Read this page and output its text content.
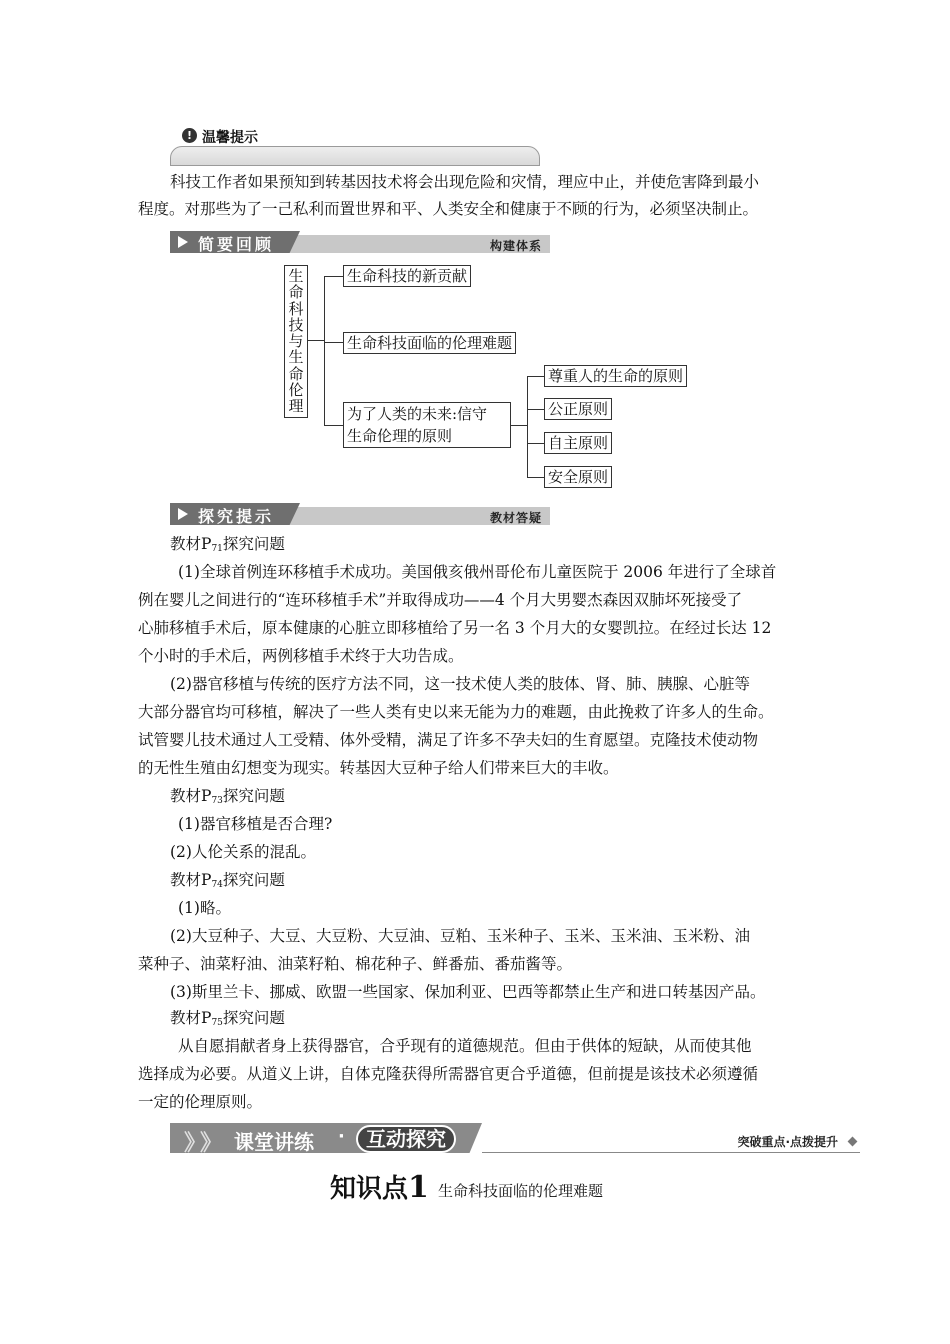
! 温馨提示
科技工作者如果预知到转基因技术将会出现危险和灾情，理应中止，并使危害降到最小
程度。对那些为了一己私利而置世界和平、人类安全和健康于不顾的行为，必须坚决制止。
简要回顾	构建体系
生
命
科
技
与
生
命
伦
理
生命科技的新贡献
生命科技面临的伦理难题
为了人类的未来:信守
生命伦理的原则
尊重人的生命的原则
公正原则
自主原则
安全原则
探究提示	教材答疑
教材$P_{71}$探究问题
(1)全球首例连环移植手术成功。美国俄亥俄州哥伦布儿童医院于 2006 年进行了全球首
例在婴儿之间进行的“连环移植手术”并取得成功——4 个月大男婴杰森因双肺坏死接受了
心肺移植手术后，原本健康的心脏立即移植给了另一名 3 个月大的女婴凯拉。在经过长达 12
个小时的手术后，两例移植手术终于大功告成。
(2)器官移植与传统的医疗方法不同，这一技术使人类的肢体、肾、肺、胰腺、心脏等
大部分器官均可移植，解决了一些人类有史以来无能为力的难题，由此挽救了许多人的生命。
试管婴儿技术通过人工受精、体外受精，满足了许多不孕夫妇的生育愿望。克隆技术使动物
的无性生殖由幻想变为现实。转基因大豆种子给人们带来巨大的丰收。
教材$P_{73}$探究问题
(1)器官移植是否合理?
(2)人伦关系的混乱。
教材$P_{74}$探究问题
(1)略。
(2)大豆种子、大豆、大豆粉、大豆油、豆粕、玉米种子、玉米、玉米油、玉米粉、油
菜种子、油菜籽油、油菜籽粕、棉花种子、鲜番茄、番茄酱等。
(3)斯里兰卡、挪威、欧盟一些国家、保加利亚、巴西等都禁止生产和进口转基因产品。
教材$P_{75}$探究问题
从自愿捐献者身上获得器官，合乎现有的道德规范。但由于供体的短缺，从而使其他
选择成为必要。从道义上讲，自体克隆获得所需器官更合乎道德，但前提是该技术必须遵循
一定的伦理原则。
》
》 课堂讲练 ·	互动探究	突破重点·点拨提升
知识点1 生命科技面临的伦理难题
